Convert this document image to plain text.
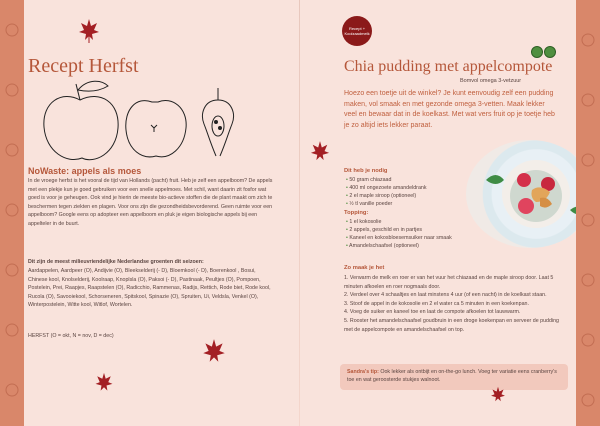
Recept Herfst
NoWaste: appels als moes
In de vroege herfst is het vooral de tijd van Hollands (pacht) fruit. Heb je zelf een appelboom? De appels met een plekje kun je goed gebruiken voor een snelle appelmoes. Met schil, want daarin zit fosfor wat goed is voor je geheugen. Ook vind je hierin de meeste bio-actieve stoffen die de plant maakt om zich te beschermen tegen ziekten en plagen. Voor ons zijn die gezondheidsbevorderend. Geen ruimte voor een appelboom? Google eens op adopteer een appelboom en pluk je eigen biologische appels bij een appelteler in de buurt.
Dit zijn de meest milieuvriendelijke Nederlandse groenten dit seizoen:
Aardappelen, Aardpeer (O), Andijvie (O), Bleekselderij (- D), Bloemkool (- D), Boerenkool , Bosui, Chinese kool, Knolselderij, Koolraap, Knoplsla (O), Paksoi (- D), Pastinaak, Peultjes (O), Pompoen, Postelein, Prei, Raapjes, Raapstelen (O), Radicchio, Rammenas, Radijs, Rettich, Rode biet, Rode kool, Rucola (O), Savooiekool, Schorseneren, Spitskool, Spinazie (O), Spruiten, Ui, Veldsla, Venkel (O), Winterpostelein, Witte kool, Witlof, Wortelen.
HERFST (O = okt, N = nov, D = dec)
Recept + Koolzaadmelk
Chia pudding met appelcompote
Bomvol omega 3-vetzuur
Hoezo een toetje uit de winkel? Je kunt eenvoudig zelf een pudding maken, vol smaak en met gezonde omega 3-vetten. Maak lekker veel en bewaar dat in de koelkast. Met wat vers fruit op je toetje heb je zo altijd iets lekker paraat.
Dit heb je nodig
• 50 gram chiazaad
• 400 ml ongezoete amandeldrank
• 2 el maple siroop (optioneel)
• ½ tl vanille poeder
Topping:
• 1 el kokosolie
• 2 appels, geschild en in partjes
• Kaneel en kokosbloesemsuiker naar smaak
• Amandelschaafsel (optioneel)
Zo maak je het
1. Verwarm de melk en roer er van het vuur het chiazaad en de maple siroop door. Laat 5 minuten afkoelen en roer nogmaals door.
2. Verdeel over 4 schaaltjes en laat minstens 4 uur (of een nacht) in de koelkast staan.
3. Stoof de appel in de kokosolie en 2 el water ca 5 minuten in een koekenpan.
4. Voeg de suiker en kaneel toe en laat de compote afkoelen tot lauwwarm.
5. Rooster het amandelschaafsel goudbruin in een droge koekenpan en serveer de pudding met de appelcompote en amandelschaafsel on top.
Sandra's tip: Ook lekker als ontbijt en on-the-go lunch. Voeg ter variatie eens cranberry's toe en wat geroosterde stukjes walnoot.
